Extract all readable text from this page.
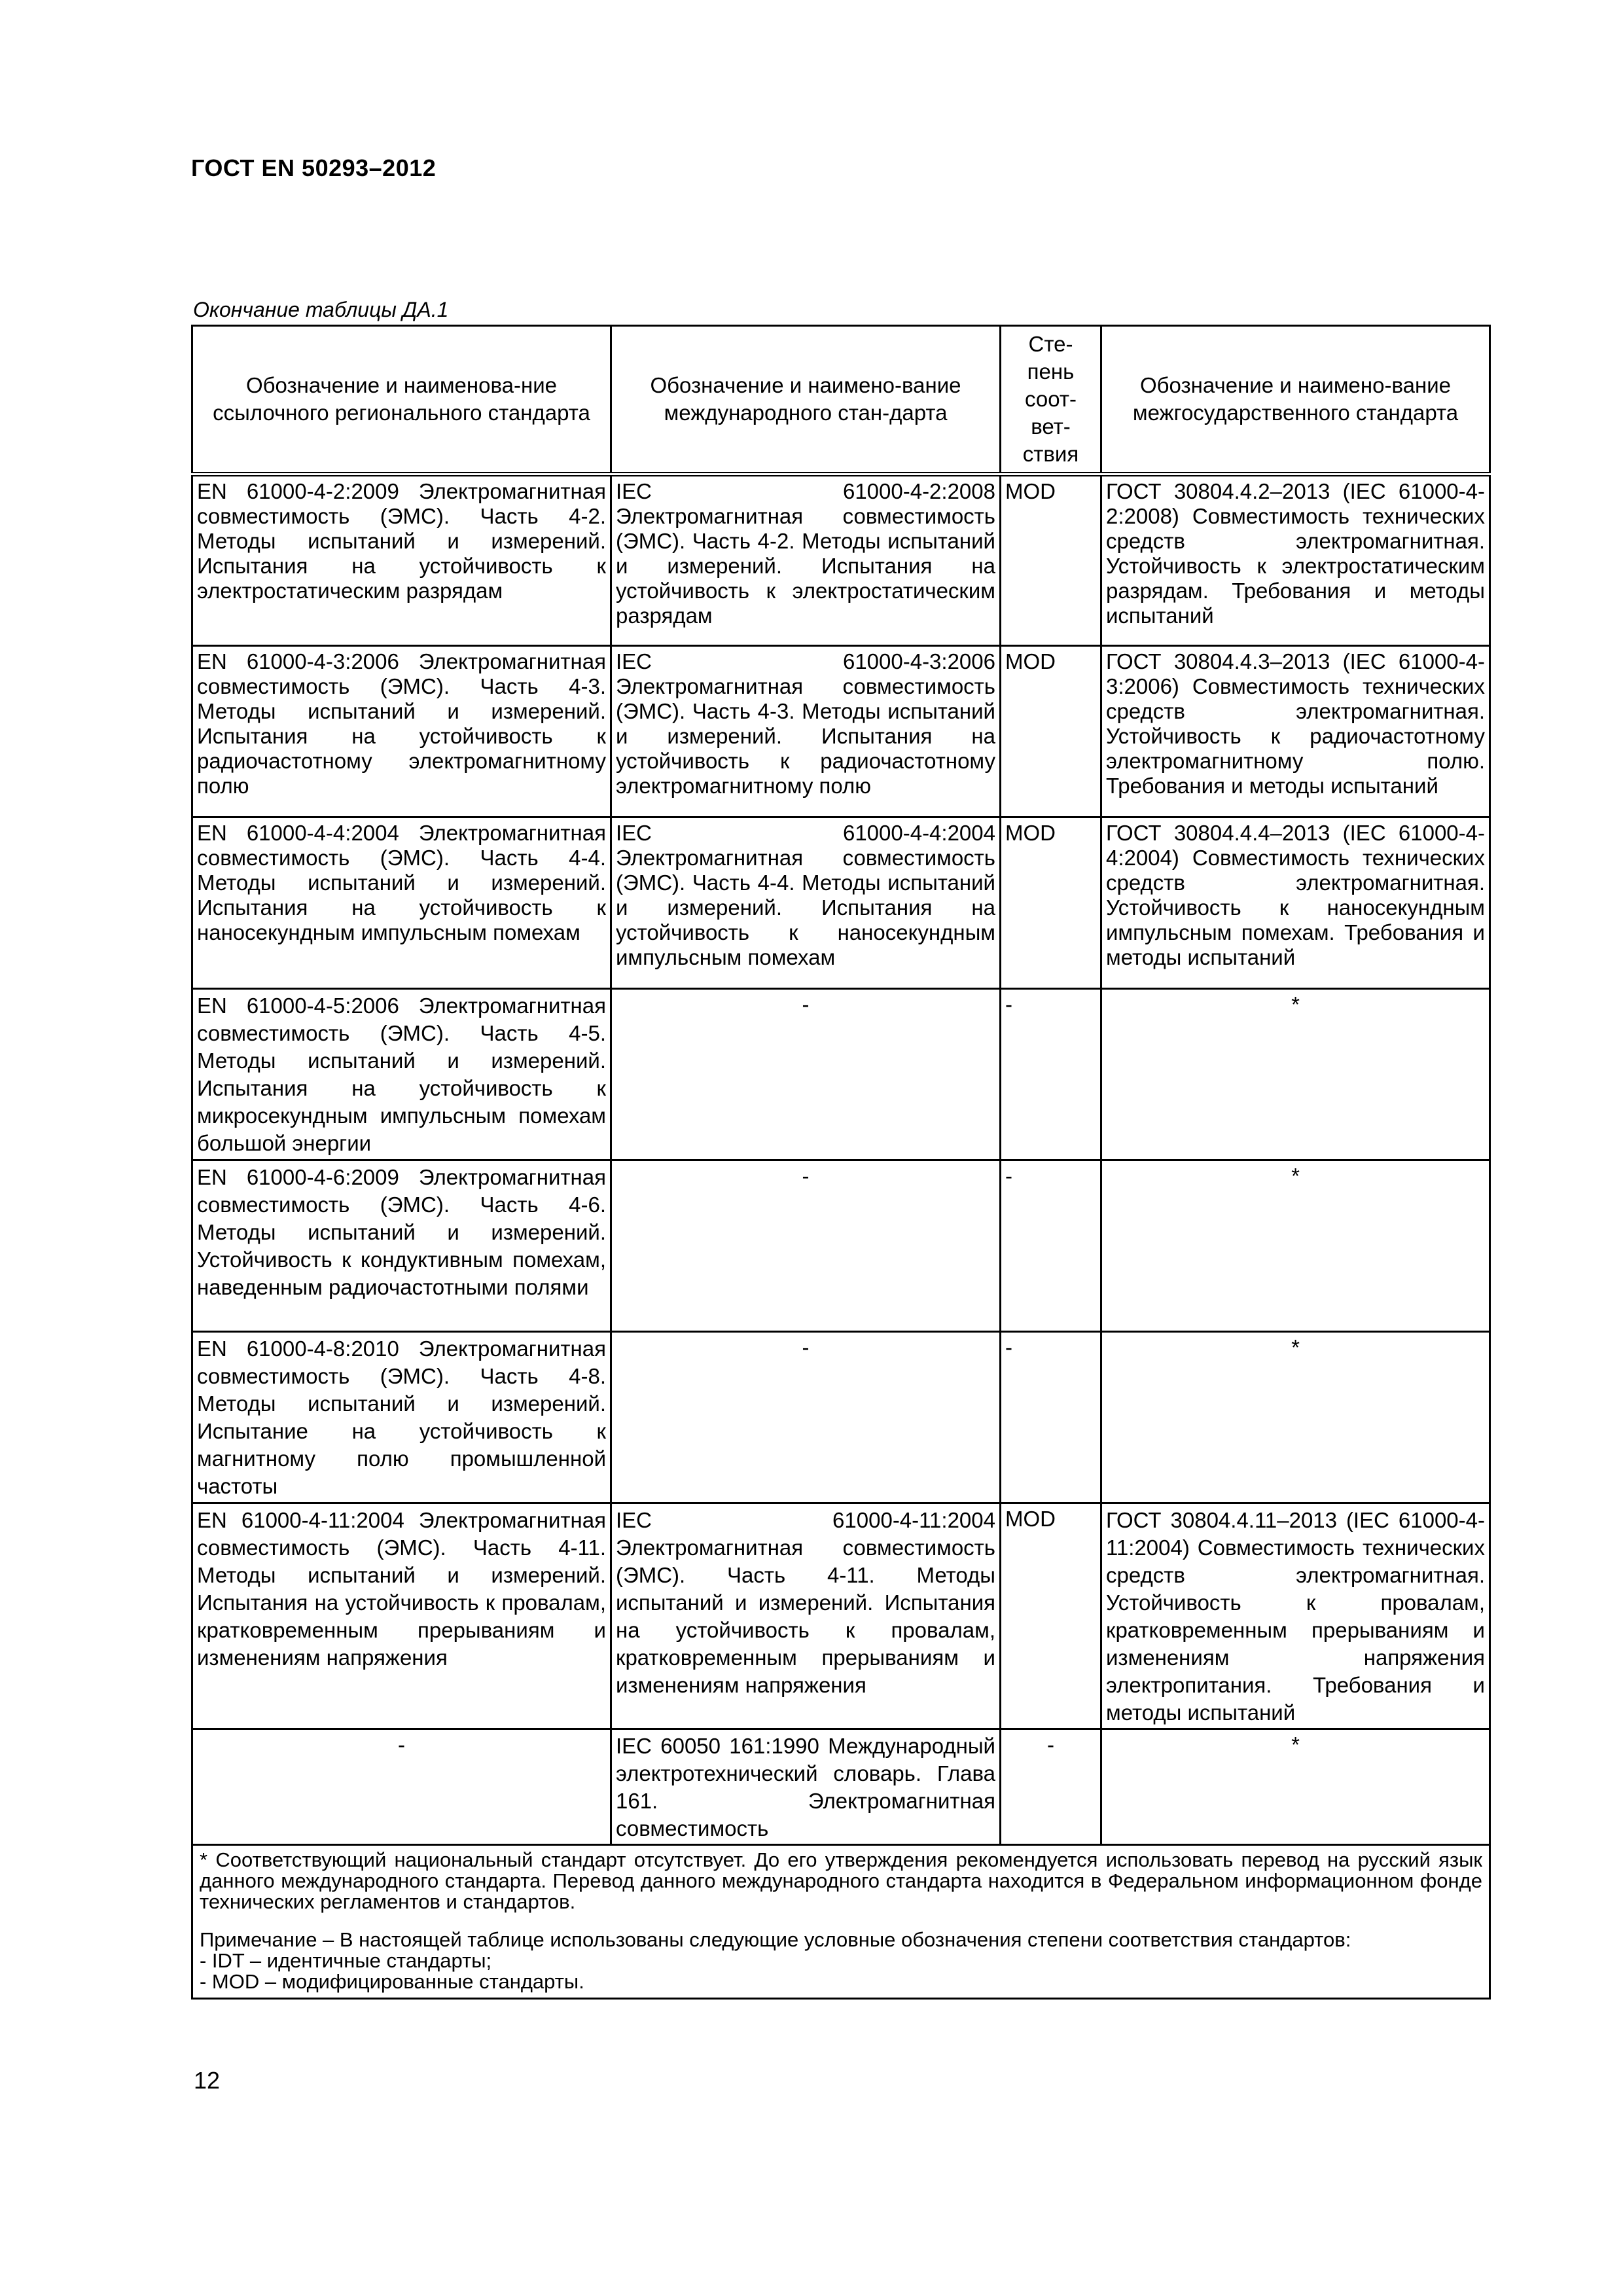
ГОСТ EN 50293–2012
Окончание таблицы ДА.1
Обозначение и наименова-ние ссылочного регионального стандарта	Обозначение и наимено-вание международного стан-дарта	Сте-пень соот-вет-ствия	Обозначение и наимено-вание межгосударственного стандарта
EN 61000-4-2:2009 Электромагнитная совместимость (ЭМС). Часть 4-2. Методы испытаний и измерений. Испытания на устойчивость к электростатическим разрядам	IEC 61000-4-2:2008 Электромагнитная совместимость (ЭМС). Часть 4-2. Методы испытаний и измерений. Испытания на устойчивость к электростатическим разрядам	MOD	ГОСТ 30804.4.2–2013 (IEC 61000-4-2:2008) Совместимость технических средств электромагнитная. Устойчивость к электростатическим разрядам. Требования и методы испытаний
EN 61000-4-3:2006 Электромагнитная совместимость (ЭМС). Часть 4-3. Методы испытаний и измерений. Испытания на устойчивость к радиочастотному электромагнитному полю	IEC 61000-4-3:2006 Электромагнитная совместимость (ЭМС). Часть 4-3. Методы испытаний и измерений. Испытания на устойчивость к радиочастотному электромагнитному полю	MOD	ГОСТ 30804.4.3–2013 (IEC 61000-4-3:2006) Совместимость технических средств электромагнитная. Устойчивость к радиочастотному электромагнитному полю. Требования и методы испытаний
EN 61000-4-4:2004 Электромагнитная совместимость (ЭМС). Часть 4-4. Методы испытаний и измерений. Испытания на устойчивость к наносекундным импульсным помехам	IEC 61000-4-4:2004 Электромагнитная совместимость (ЭМС). Часть 4-4. Методы испытаний и измерений. Испытания на устойчивость к наносекундным импульсным помехам	MOD	ГОСТ 30804.4.4–2013 (IEC 61000-4-4:2004) Совместимость технических средств электромагнитная. Устойчивость к наносекундным импульсным помехам. Требования и методы испытаний
EN 61000-4-5:2006 Электромагнитная совместимость (ЭМС). Часть 4-5. Методы испытаний и измерений. Испытания на устойчивость к микросекундным импульсным помехам большой энергии	-	-	*
EN 61000-4-6:2009 Электромагнитная совместимость (ЭМС). Часть 4-6. Методы испытаний и измерений. Устойчивость к кондуктивным помехам, наведенным радиочастотными полями	-	-	*
EN 61000-4-8:2010 Электромагнитная совместимость (ЭМС). Часть 4-8. Методы испытаний и измерений. Испытание на устойчивость к магнитному полю промышленной частоты	-	-	*
EN 61000-4-11:2004 Электромагнитная совместимость (ЭМС). Часть 4-11. Методы испытаний и измерений. Испытания на устойчивость к провалам, кратковременным прерываниям и изменениям напряжения	IEC 61000-4-11:2004 Электромагнитная совместимость (ЭМС). Часть 4-11. Методы испытаний и измерений. Испытания на устойчивость к провалам, кратковременным прерываниям и изменениям напряжения	MOD	ГОСТ 30804.4.11–2013 (IEC 61000-4-11:2004) Совместимость технических средств электромагнитная. Устойчивость к провалам, кратковременным прерываниям и изменениям напряжения электропитания. Требования и методы испытаний
-	IEC 60050 161:1990 Международный электротехнический словарь. Глава 161. Электромагнитная совместимость	-	*

* Соответствующий национальный стандарт отсутствует. До его утверждения рекомендуется использовать перевод на русский язык данного международного стандарта. Перевод данного международного стандарта находится в Федеральном информационном фонде технических регламентов и стандартов.
Примечание – В настоящей таблице использованы следующие условные обозначения степени соответствия стандартов:
- IDT – идентичные стандарты;
- MOD – модифицированные стандарты.			
12
